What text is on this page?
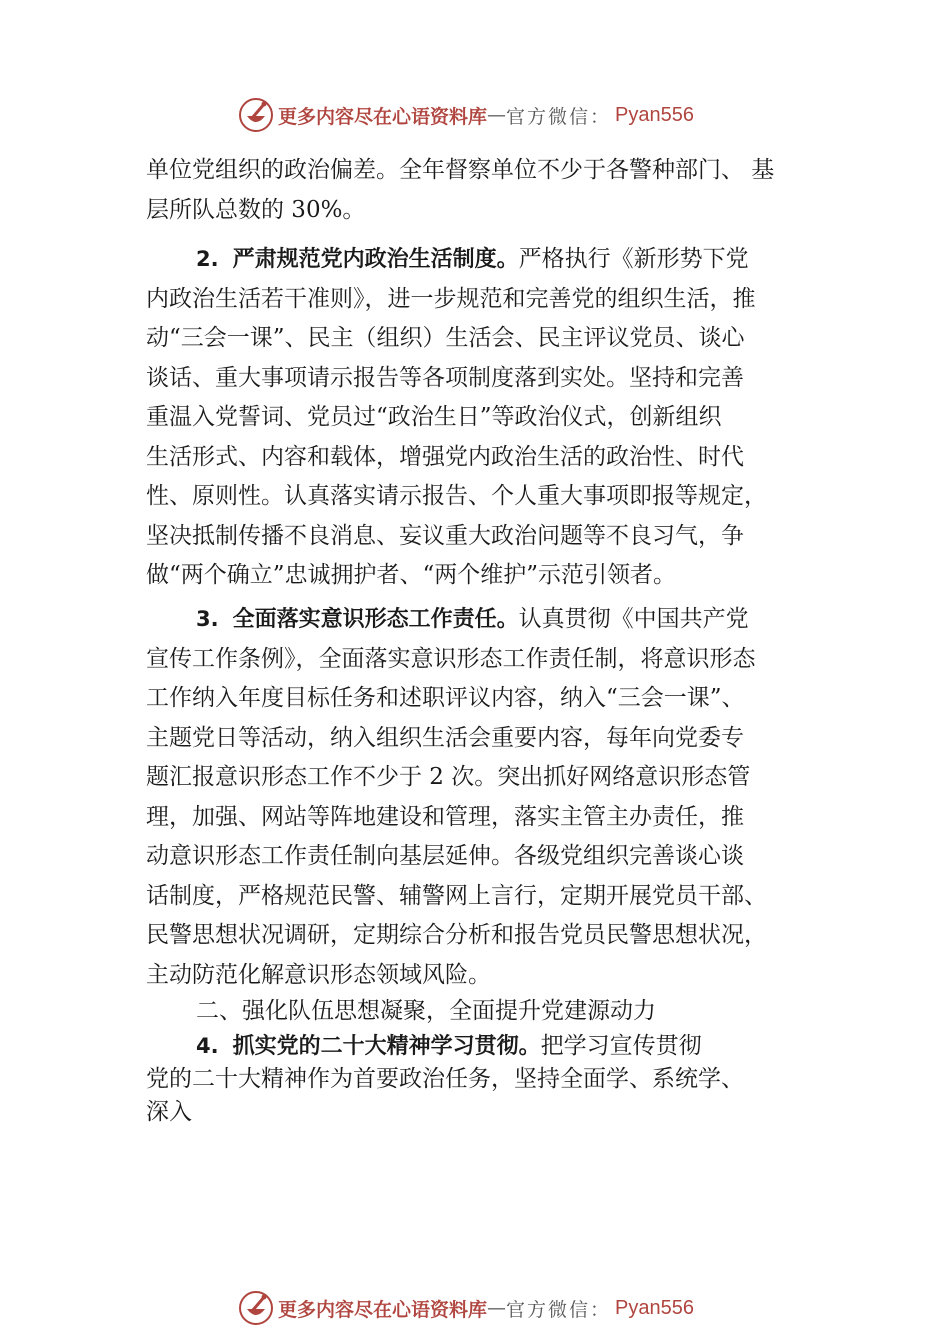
更多内容尽在心语资料库 — 官方微信： Pyan556
单位党组织的政治偏差。全年督察单位不少于各警种部门、 基
层所队总数的 30%。
2. 严肃规范党内政治生活制度。严格执行《新形势下党
内政治生活若干准则》，进一步规范和完善党的组织生活，推
动“三会一课”、民主（组织）生活会、民主评议党员、谈心
谈话、重大事项请示报告等各项制度落到实处。坚持和完善
重温入党誓词、党员过“政治生日”等政治仪式，创新组织
生活形式、内容和载体，增强党内政治生活的政治性、时代
性、原则性。认真落实请示报告、个人重大事项即报等规定，
坚决抵制传播不良消息、妄议重大政治问题等不良习气，争
做“两个确立”忠诚拥护者、“两个维护”示范引领者。
3. 全面落实意识形态工作责任。认真贯彻《中国共产党
宣传工作条例》，全面落实意识形态工作责任制，将意识形态
工作纳入年度目标任务和述职评议内容，纳入“三会一课”、
主题党日等活动，纳入组织生活会重要内容，每年向党委专
题汇报意识形态工作不少于 2 次。突出抓好网络意识形态管
理，加强、网站等阵地建设和管理，落实主管主办责任，推
动意识形态工作责任制向基层延伸。各级党组织完善谈心谈
话制度，严格规范民警、辅警网上言行，定期开展党员干部、
民警思想状况调研，定期综合分析和报告党员民警思想状况，
主动防范化解意识形态领域风险。
二、强化队伍思想凝聚，全面提升党建源动力
4. 抓实党的二十大精神学习贯彻。把学习宣传贯彻
党的二十大精神作为首要政治任务，坚持全面学、系统学、
深入
更多内容尽在心语资料库 — 官方微信： Pyan556
